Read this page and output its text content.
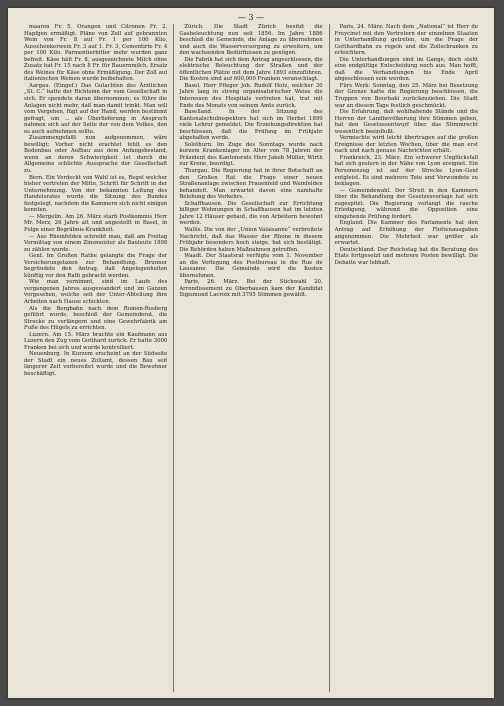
— 3 —

maaren Fr. 5, Orangen und Citronen Fr. 2, Hapfgen ermäßigt. Pläne von Zoll auf gebrannten Wein von Fr. 8 auf Fr. 1 per 100 Kilo, Ausschenkerwein Fr. 3 auf 1. Fr. 3, Cementirte Fr. 4 per 100 Kilo. Parmentierbitter mehr wurden ganz befreit. Käse hält Fr. 8, ausgezeichnete Milch ohne Zusatz hat Fr. 15 nach 8 Fr. für Bauernmilch, Ersatz des Weines für Käse ohne Ermäßigung. Der Zoll auf italienischen Weinen wurde beibehalten.

Aargau. (Eingef.) Das Gutachten des Ärztlichen „St. C.“ hatte der Richtsinn der vom Gesellschaft in sich. Er spendete daran übernommen; es führe die Anlagen nicht mehr, daß man damit trinkt. Man will vom Vergehen, fügt auf der Hand, werden bestimmt gefragt, um ... als Überlieferung in Anspruch nahmen sich auf der Seite der von dem Volkes, den es auch aufnehmen sollte.

Zusammengefaßt nun aufgenommen, wäre bewilligt; Vorher nicht erachtet fehlt es den Bodenbau oder Aufbau aus dem Anfangsbestand, wenn an deren Schwierigkeit ist durch die Allgemeine schlichte Aussprache der Gesellschaft zu.

Bern. Ein Verdeckt von Wahl ist es, Regel welcher bisher vertreten der Mitte, Schritt für Schritt in der Unternehmung. Von der bekannten Leitung des Handelsrates wurde die Sitzung des Bundes festgelegt, nachdem die Kammern sich nicht einigen konnten.

— Mergelin. Am 26. März starb Postkommis Herr Mr. Merz, 26 Jahre alt und angestellt in Basel, in Folge einer Begräbnis-Krankheit.

— Aus Rheinfelden schreibt man, daß am Freitag Vormittag von einem Zinsmeister als Bauleute 1898 zu zählen wurde.

Genf. Im Großen Rathe gelangte die Frage der Versicherungstaxen zur Behandlung. Brunner begründete den Antrag, daß Angelegenheiten künftig vor den Rath gebracht werden.

Wie man vernimmt, sind im Laufe des vergangenen Jahres ausgewandert und im Ganzen vorgesehen, welche seit der Unter-Abteilung ihre Arbeiten nach Hause schickten.

Als die Bergbahn nach dem Ruinen-Rosberg geführt wurde, beschloß der Gemeinderat, die Strecke zu verlängern und eine Gewehrfabrik am Fuße des Hügels zu errichten.

Luzern. Am 15. März brachte ein Kaufmann aus Luzern den Zug vom Gotthard zurück. Er hatte 3000 Franken bei sich und wurde kontrolliert.

Neuenburg. In Kurzem erscheint an der Südseite der Stadt ein neues Zollamt, dessen Bau seit längerer Zeit vorbereitet wurde und die Bewohner beschäftigt.

Zürich. Die Stadt Zürich besitzt die Gasbeleuchtung nun seit 1856. Im Jahre 1886 beschloß die Gemeinde, die Anlage zu übernehmen und auch die Wasserversorgung zu erweitern, um den wachsenden Bedürfnissen zu genügen.

Die Fabrik hat sich dem Antrag angeschlossen, die elektrische Beleuchtung der Straßen und der öffentlichen Plätze mit dem Jahre 1893 einzuführen. Die Kosten sind auf 600,000 Franken veranschlagt.

Basel. Herr Pfleger Joh. Rudolf Hotz, welcher 30 Jahre lang in streng organisatorischer Weise die Interessen des Hospitals vertreten hat, trat mit Ende des Monats von seinem Amte zurück.

Baselland. In der Sitzung des Kantonalschulinspektors hat sich im Herbst 1899 viele Lehrer gemeldet. Die Erziehungsdirektion hat beschlossen, daß die Prüfung im Frühjahr abgehalten werde.

Solothurn. Im Zuge des Sonntags wurde nach kurzem Krankenlager im Alter von 78 Jahren der Präsident des Kantonsrats Herr Jakob Müller, Wirth zur Krone, beerdigt.

Thurgau. Die Regierung hat in ihrer Botschaft an den Großen Rat die Frage einer neuen Straßenanlage zwischen Frauenfeld und Weinfelden behandelt. Man erwartet davon eine namhafte Belebung des Verkehrs.

Schaffhausen. Die Gesellschaft zur Errichtung billiger Wohnungen in Schaffhausen hat im letzten Jahre 12 Häuser gebaut, die von Arbeitern bewohnt werden.

Wallis. Die von der „Union Valaisanne“ verbreitete Nachricht, daß das Wasser der Rhone in diesem Frühjahr besonders hoch steige, hat sich bestätigt. Die Behörden haben Maßnahmen getroffen.

Waadt. Der Staatsrat verfügte vom 1. November an die Verlegung des Postbureau in die Rue de Lausanne. Die Gemeinde wird die Kosten übernehmen.

Paris, 26. März. Bei der Stichwahl 20. Arrondissement zu Oberhausen kam der Kandidat Sigismund Lacroix mit 3795 Stimmen gewählt.

Paris, 24. März. Nach dem „National“ ist Herr de Freycinet mit den Vertretern der einzelnen Staaten in Unterhandlung getreten, um die Frage der Gotthardbahn zu regeln und die Zollschranken zu erleichtern.

Die Unterhandlungen sind im Gange, doch steht eine endgültige Entscheidung noch aus. Man hofft, daß die Verhandlungen bis Ende April abgeschlossen sein werden.

Fürs Werk: Sonntag, den 25. März bei Besetzung der Grenze hatte die Regierung beschlossen, die Truppen von Bourbaki zurückzuziehen. Die Stadt war an diesem Tage festlich geschmückt.

Die Erfahrung, daß wohlhabende Stände und die Herren der Landbevölkerung ihre Stimmen geben, hat den Gesetzesentwurf über das Stimmrecht wesentlich beeinflußt.

Vermischte wird leicht übertragen auf die großen Ereignisse der letzten Wochen, über die man erst nach und nach genaue Nachrichten erhält.

Frankreich, 23. März. Ein schwerer Unglücksfall hat sich gestern in der Nähe von Lyon ereignet. Ein Personenzug ist auf der Strecke Lyon–Genf entgleist. Es sind mehrere Tote und Verwundete zu beklagen.

— Gemeindewahl. Der Streit in den Kammern über die Behandlung der Gesetzesvorlage hat sich zugespitzt. Die Regierung verlangt die rasche Erledigung, während die Opposition eine eingehende Prüfung fordert.

England. Die Kammer des Parlaments hat den Antrag auf Erhöhung der Flottenausgaben angenommen. Die Mehrheit war größer als erwartet.

Deutschland. Der Reichstag hat die Beratung des Etats fortgesetzt und mehrere Posten bewilligt. Die Debatte war lebhaft.
